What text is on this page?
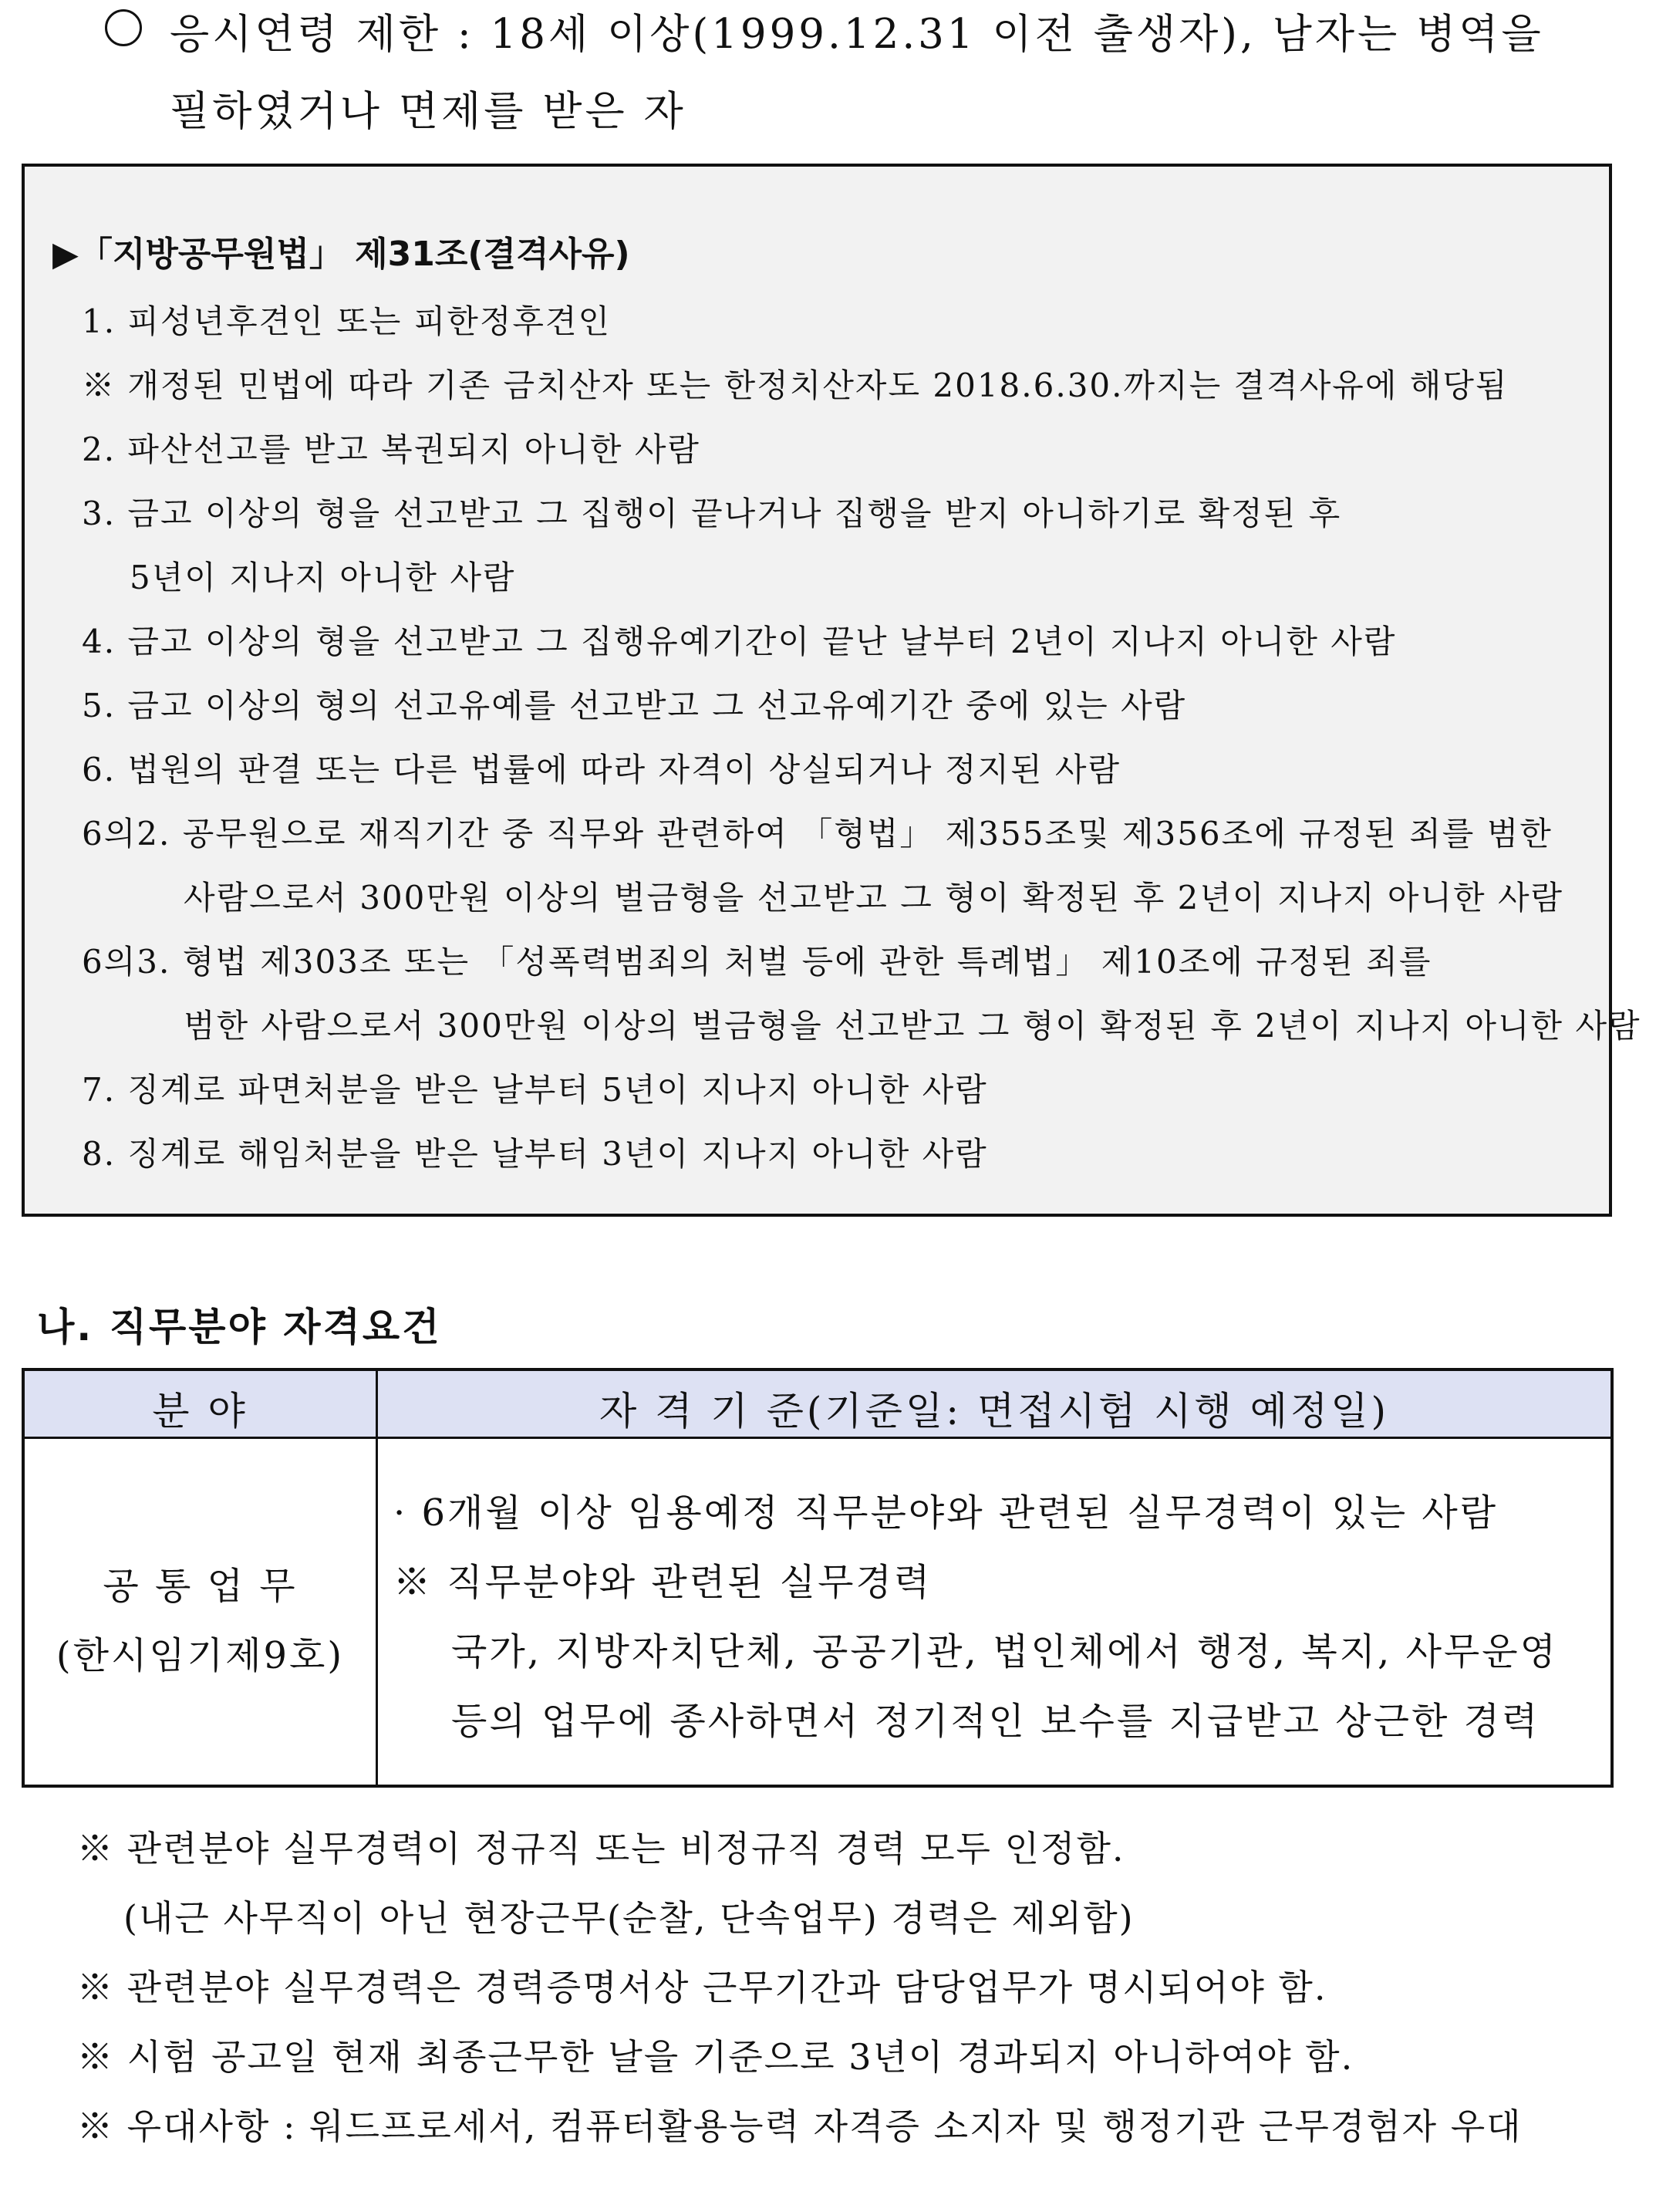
응시연령 제한 : 18세 이상(1999.12.31 이전 출생자), 남자는 병역을
필하였거나 면제를 받은 자
▶「지방공무원법」 제31조(결격사유)
1. 피성년후견인 또는 피한정후견인
※ 개정된 민법에 따라 기존 금치산자 또는 한정치산자도 2018.6.30.까지는 결격사유에 해당됨
2. 파산선고를 받고 복권되지 아니한 사람
3. 금고 이상의 형을 선고받고 그 집행이 끝나거나 집행을 받지 아니하기로 확정된 후
5년이 지나지 아니한 사람
4. 금고 이상의 형을 선고받고 그 집행유예기간이 끝난 날부터 2년이 지나지 아니한 사람
5. 금고 이상의 형의 선고유예를 선고받고 그 선고유예기간 중에 있는 사람
6. 법원의 판결 또는 다른 법률에 따라 자격이 상실되거나 정지된 사람
6의2. 공무원으로 재직기간 중 직무와 관련하여 「형법」 제355조및 제356조에 규정된 죄를 범한
사람으로서 300만원 이상의 벌금형을 선고받고 그 형이 확정된 후 2년이 지나지 아니한 사람
6의3. 형법 제303조 또는 「성폭력범죄의 처벌 등에 관한 특례법」 제10조에 규정된 죄를
범한 사람으로서 300만원 이상의 벌금형을 선고받고 그 형이 확정된 후 2년이 지나지 아니한 사람
7. 징계로 파면처분을 받은 날부터 5년이 지나지 아니한 사람
8. 징계로 해임처분을 받은 날부터 3년이 지나지 아니한 사람
나. 직무분야 자격요건
분 야	자 격 기 준(기준일: 면접시험 시행 예정일)
공 통 업 무
(한시임기제9호)
· 6개월 이상 임용예정 직무분야와 관련된 실무경력이 있는 사람
※ 직무분야와 관련된 실무경력
국가, 지방자치단체, 공공기관, 법인체에서 행정, 복지, 사무운영
등의 업무에 종사하면서 정기적인 보수를 지급받고 상근한 경력
※ 관련분야 실무경력이 정규직 또는 비정규직 경력 모두 인정함.
(내근 사무직이 아닌 현장근무(순찰, 단속업무) 경력은 제외함)
※ 관련분야 실무경력은 경력증명서상 근무기간과 담당업무가 명시되어야 함.
※ 시험 공고일 현재 최종근무한 날을 기준으로 3년이 경과되지 아니하여야 함.
※ 우대사항 : 워드프로세서, 컴퓨터활용능력 자격증 소지자 및 행정기관 근무경험자 우대
